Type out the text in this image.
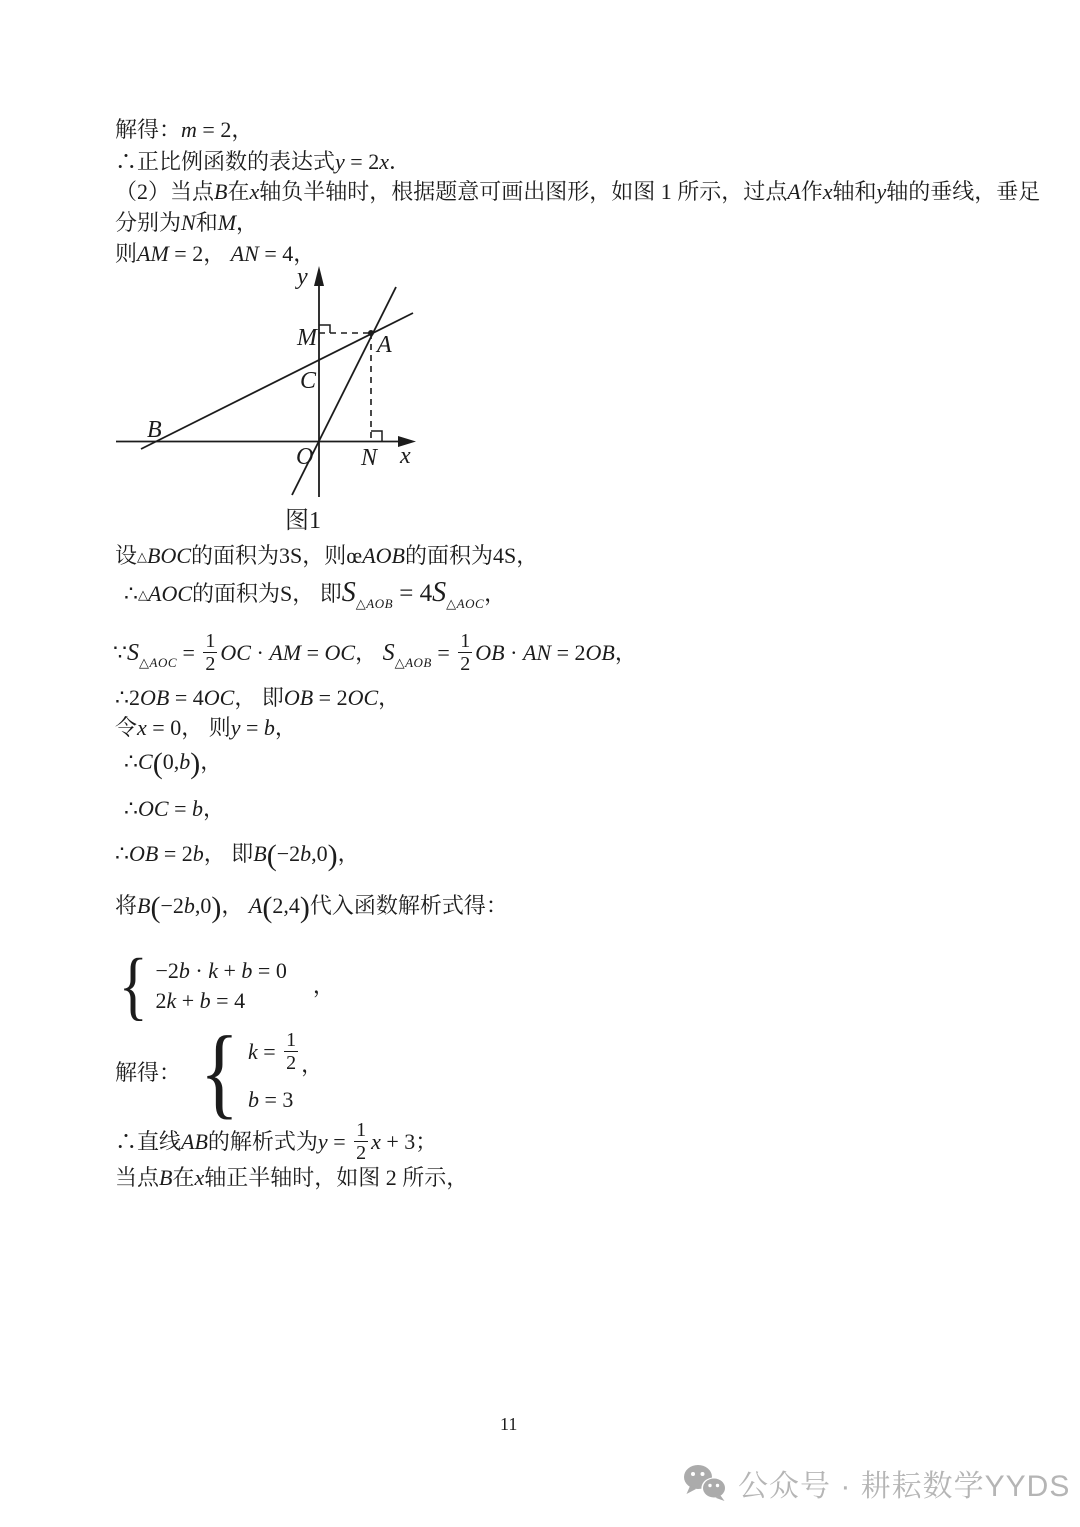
解得：m = 2，
∴正比例函数的表达式y = 2x．
（2）当点B在x轴负半轴时，根据题意可画出图形，如图 1 所示，过点A作x轴和y轴的垂线，垂足
分别为N和M，
则AM = 2， AN = 4，
y
x
O
M	A
C
B
N
图1
设△BOC的面积为3S，则œAOB的面积为4S，
∴△AOC的面积为S， 即$S_{\triangle AOB} = 4S_{\triangle AOC}$，
$\because S_{\triangle AOC} = \frac{1}{2}$ OC · AM = OC， $S_{\triangle AOB} = \frac{1}{2}$ OB · AN = 2OB，
∴2OB = 4OC， 即OB = 2OC，
令x = 0， 则y = b，
∴C(0,b)，
∴OC = b，
∴OB = 2b， 即B(−2b,0)，
将B(−2b,0)， A(2,4)代入函数解析式得：
{ −2b · k + b = 0
2k + b = 4
，
解得： { $k = \frac{1}{2}$ ，
b = 3
∴直线AB的解析式为$y = \frac{1}{2}$ x + 3；
当点B在x轴正半轴时，如图 2 所示，
11
公众号 · 耕耘数学YYDS
